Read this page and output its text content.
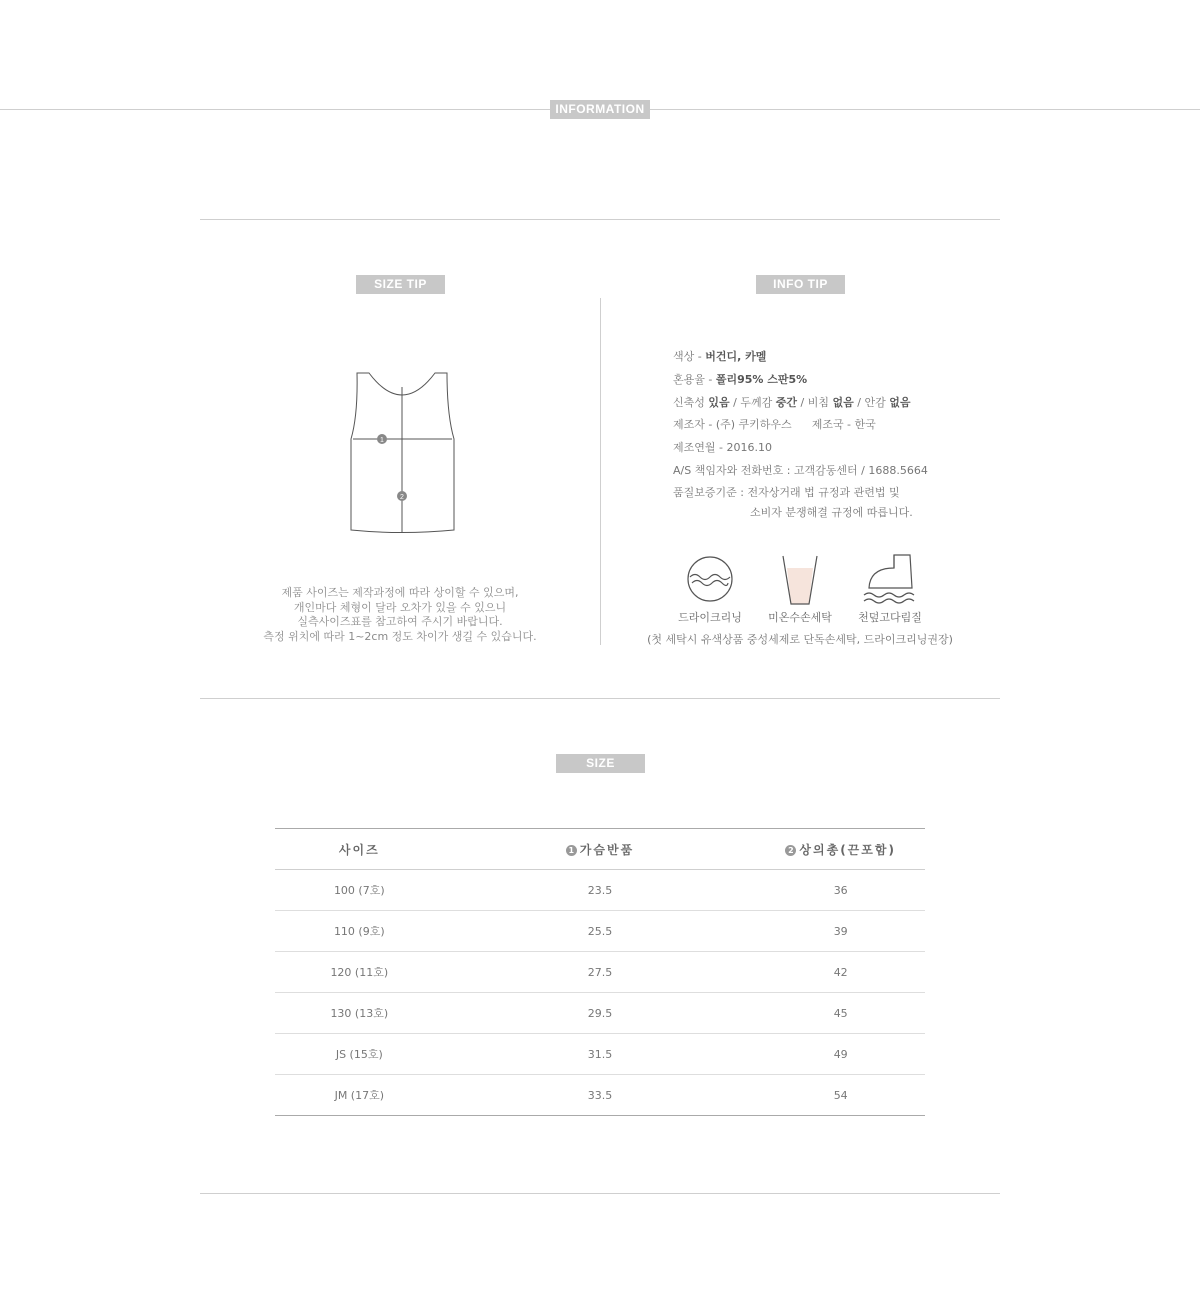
INFORMATION
SIZE TIP
1
2
제품 사이즈는 제작과정에 따라 상이할 수 있으며,
개인마다 체형이 달라 오차가 있을 수 있으니
실측사이즈표를 참고하여 주시기 바랍니다.
측정 위치에 따라 1~2cm 정도 차이가 생길 수 있습니다.
INFO TIP
색상 - 버건디, 카멜
혼용율 - 폴리95% 스판5%
신축성 있음 / 두께감 중간 / 비침 없음 / 안감 없음
제조자 - (주) 쿠키하우스 제조국 - 한국
제조연월 - 2016.10
A/S 책임자와 전화번호 : 고객감동센터 / 1688.5664
품질보증기준 : 전자상거래 법 규정과 관련법 및
소비자 분쟁해결 규정에 따릅니다.
드라이크리닝	미온수손세탁	천덮고다림질
(첫 세탁시 유색상품 중성세제로 단독손세탁, 드라이크리닝권장)
SIZE
사이즈	1 가슴반품	2 상의총(끈포함)
100 (7호)	23.5	36
110 (9호)	25.5	39
120 (11호)	27.5	42
130 (13호)	29.5	45
JS (15호)	31.5	49
JM (17호)	33.5	54
